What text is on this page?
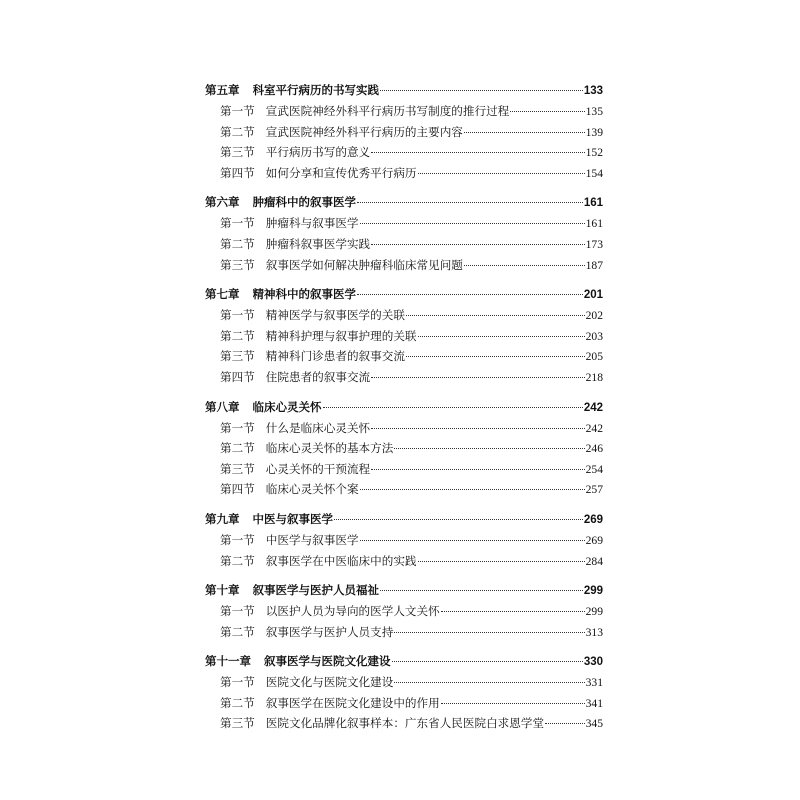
第五章 科室平行病历的书写实践	133
第一节 宣武医院神经外科平行病历书写制度的推行过程	135
第二节 宣武医院神经外科平行病历的主要内容	139
第三节 平行病历书写的意义	152
第四节 如何分享和宣传优秀平行病历	154
第六章 肿瘤科中的叙事医学	161
第一节 肿瘤科与叙事医学	161
第二节 肿瘤科叙事医学实践	173
第三节 叙事医学如何解决肿瘤科临床常见问题	187
第七章 精神科中的叙事医学	201
第一节 精神医学与叙事医学的关联	202
第二节 精神科护理与叙事护理的关联	203
第三节 精神科门诊患者的叙事交流	205
第四节 住院患者的叙事交流	218
第八章 临床心灵关怀	242
第一节 什么是临床心灵关怀	242
第二节 临床心灵关怀的基本方法	246
第三节 心灵关怀的干预流程	254
第四节 临床心灵关怀个案	257
第九章 中医与叙事医学	269
第一节 中医学与叙事医学	269
第二节 叙事医学在中医临床中的实践	284
第十章 叙事医学与医护人员福祉	299
第一节 以医护人员为导向的医学人文关怀	299
第二节 叙事医学与医护人员支持	313
第十一章 叙事医学与医院文化建设	330
第一节 医院文化与医院文化建设	331
第二节 叙事医学在医院文化建设中的作用	341
第三节 医院文化品牌化叙事样本：广东省人民医院白求恩学堂	345
